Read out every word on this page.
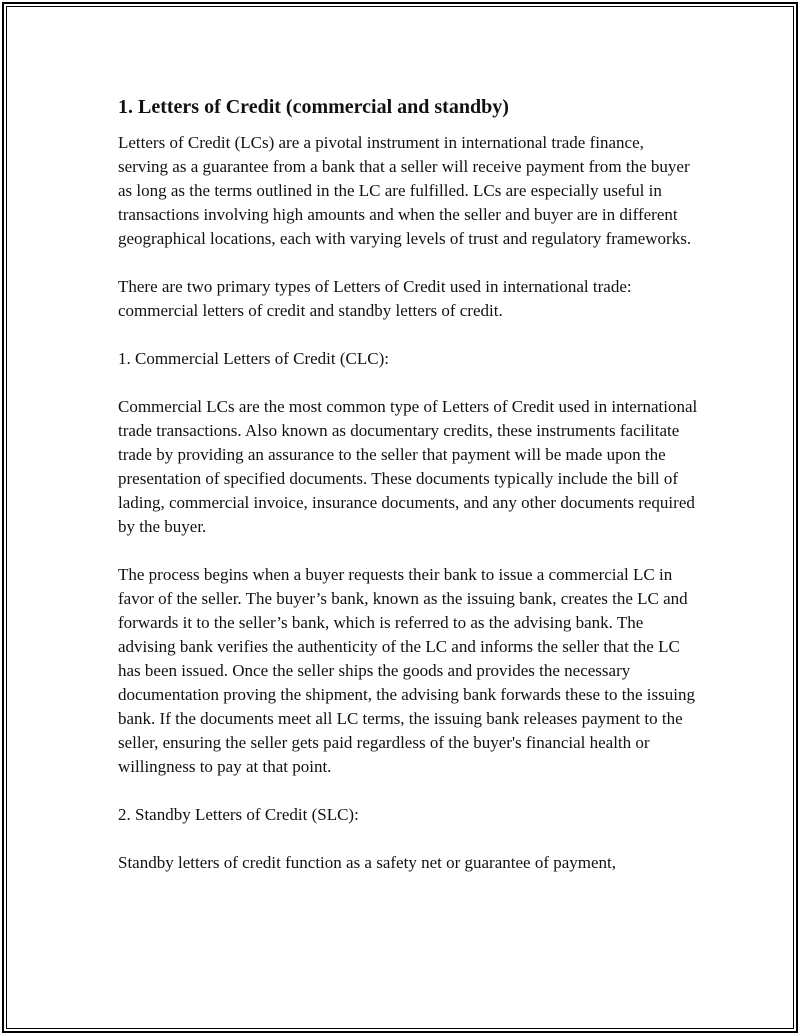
1. Letters of Credit (commercial and standby)

Letters of Credit (LCs) are a pivotal instrument in international trade finance, serving as a guarantee from a bank that a seller will receive payment from the buyer as long as the terms outlined in the LC are fulfilled. LCs are especially useful in transactions involving high amounts and when the seller and buyer are in different geographical locations, each with varying levels of trust and regulatory frameworks.

There are two primary types of Letters of Credit used in international trade: commercial letters of credit and standby letters of credit.

1. Commercial Letters of Credit (CLC):

Commercial LCs are the most common type of Letters of Credit used in international trade transactions. Also known as documentary credits, these instruments facilitate trade by providing an assurance to the seller that payment will be made upon the presentation of specified documents. These documents typically include the bill of lading, commercial invoice, insurance documents, and any other documents required by the buyer.

The process begins when a buyer requests their bank to issue a commercial LC in favor of the seller. The buyer’s bank, known as the issuing bank, creates the LC and forwards it to the seller’s bank, which is referred to as the advising bank. The advising bank verifies the authenticity of the LC and informs the seller that the LC has been issued. Once the seller ships the goods and provides the necessary documentation proving the shipment, the advising bank forwards these to the issuing bank. If the documents meet all LC terms, the issuing bank releases payment to the seller, ensuring the seller gets paid regardless of the buyer's financial health or willingness to pay at that point.

2. Standby Letters of Credit (SLC):

Standby letters of credit function as a safety net or guarantee of payment,
